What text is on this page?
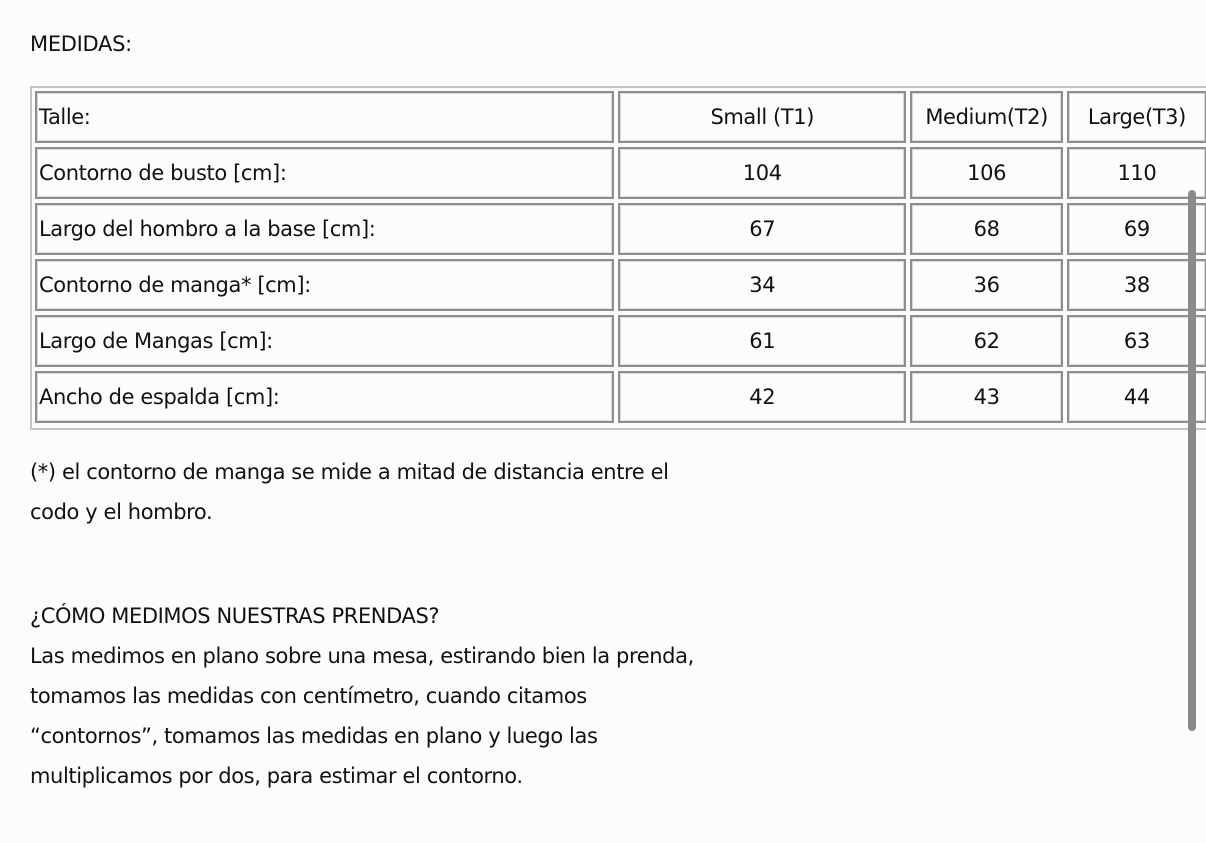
MEDIDAS:
Talle:	Small (T1)	Medium(T2)	Large(T3)
Contorno de busto [cm]:	104	106	110
Largo del hombro a la base [cm]:	67	68	69
Contorno de manga* [cm]:	34	36	38
Largo de Mangas [cm]:	61	62	63
Ancho de espalda [cm]:	42	43	44
(*) el contorno de manga se mide a mitad de distancia entre el
codo y el hombro.
¿CÓMO MEDIMOS NUESTRAS PRENDAS?
Las medimos en plano sobre una mesa, estirando bien la prenda,
tomamos las medidas con centímetro, cuando citamos
“contornos”, tomamos las medidas en plano y luego las
multiplicamos por dos, para estimar el contorno.
